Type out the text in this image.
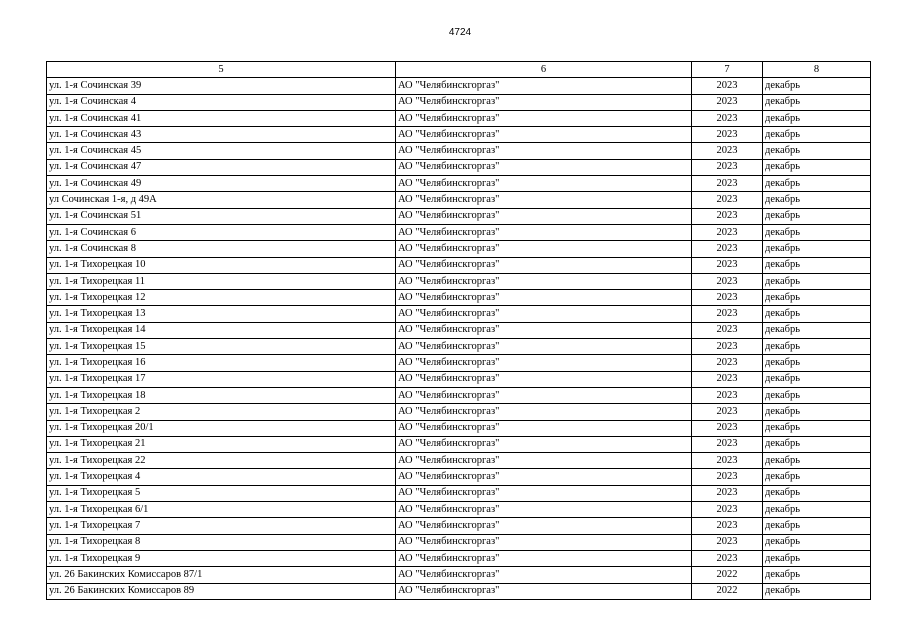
4724
5	6	7	8
ул. 1-я Сочинская 39	АО "Челябинскгоргаз"	2023	декабрь
ул. 1-я Сочинская 4	АО "Челябинскгоргаз"	2023	декабрь
ул. 1-я Сочинская 41	АО "Челябинскгоргаз"	2023	декабрь
ул. 1-я Сочинская 43	АО "Челябинскгоргаз"	2023	декабрь
ул. 1-я Сочинская 45	АО "Челябинскгоргаз"	2023	декабрь
ул. 1-я Сочинская 47	АО "Челябинскгоргаз"	2023	декабрь
ул. 1-я Сочинская 49	АО "Челябинскгоргаз"	2023	декабрь
ул Сочинская 1-я, д 49А	АО "Челябинскгоргаз"	2023	декабрь
ул. 1-я Сочинская 51	АО "Челябинскгоргаз"	2023	декабрь
ул. 1-я Сочинская 6	АО "Челябинскгоргаз"	2023	декабрь
ул. 1-я Сочинская 8	АО "Челябинскгоргаз"	2023	декабрь
ул. 1-я Тихорецкая 10	АО "Челябинскгоргаз"	2023	декабрь
ул. 1-я Тихорецкая 11	АО "Челябинскгоргаз"	2023	декабрь
ул. 1-я Тихорецкая 12	АО "Челябинскгоргаз"	2023	декабрь
ул. 1-я Тихорецкая 13	АО "Челябинскгоргаз"	2023	декабрь
ул. 1-я Тихорецкая 14	АО "Челябинскгоргаз"	2023	декабрь
ул. 1-я Тихорецкая 15	АО "Челябинскгоргаз"	2023	декабрь
ул. 1-я Тихорецкая 16	АО "Челябинскгоргаз"	2023	декабрь
ул. 1-я Тихорецкая 17	АО "Челябинскгоргаз"	2023	декабрь
ул. 1-я Тихорецкая 18	АО "Челябинскгоргаз"	2023	декабрь
ул. 1-я Тихорецкая 2	АО "Челябинскгоргаз"	2023	декабрь
ул. 1-я Тихорецкая 20/1	АО "Челябинскгоргаз"	2023	декабрь
ул. 1-я Тихорецкая 21	АО "Челябинскгоргаз"	2023	декабрь
ул. 1-я Тихорецкая 22	АО "Челябинскгоргаз"	2023	декабрь
ул. 1-я Тихорецкая 4	АО "Челябинскгоргаз"	2023	декабрь
ул. 1-я Тихорецкая 5	АО "Челябинскгоргаз"	2023	декабрь
ул. 1-я Тихорецкая 6/1	АО "Челябинскгоргаз"	2023	декабрь
ул. 1-я Тихорецкая 7	АО "Челябинскгоргаз"	2023	декабрь
ул. 1-я Тихорецкая 8	АО "Челябинскгоргаз"	2023	декабрь
ул. 1-я Тихорецкая 9	АО "Челябинскгоргаз"	2023	декабрь
ул. 26 Бакинских Комиссаров 87/1	АО "Челябинскгоргаз"	2022	декабрь
ул. 26 Бакинских Комиссаров 89	АО "Челябинскгоргаз"	2022	декабрь
